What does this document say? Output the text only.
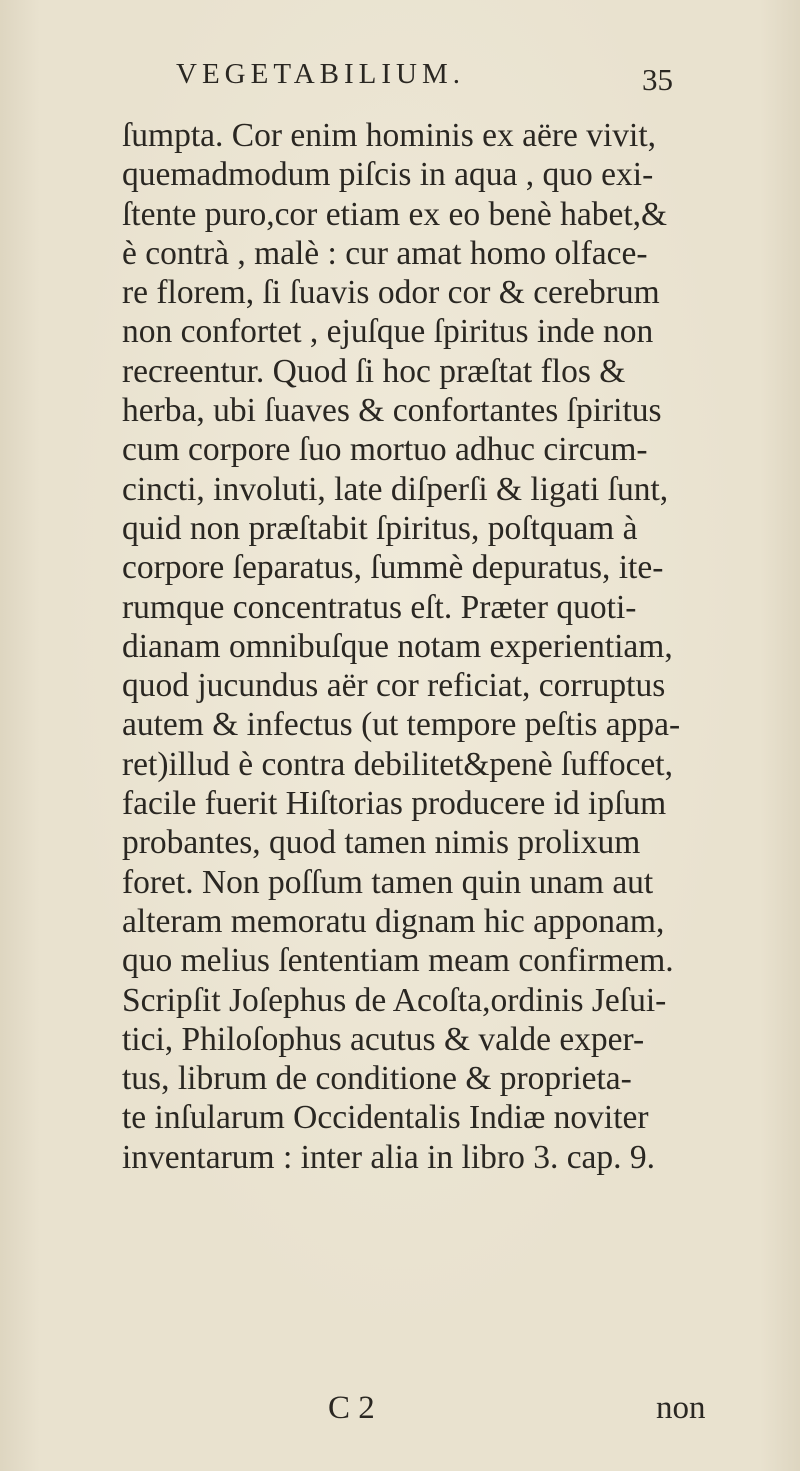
VEGETABILIUM.	35
ſumpta. Cor enim hominis ex aëre vivit,
quemadmodum piſcis in aqua , quo exi-
ſtente puro,cor etiam ex eo benè habet,&
è contrà , malè : cur amat homo olface-
re florem, ſi ſuavis odor cor & cerebrum
non confortet , ejuſque ſpiritus inde non
recreentur. Quod ſi hoc præſtat flos &
herba, ubi ſuaves & confortantes ſpiritus
cum corpore ſuo mortuo adhuc circum-
cincti, involuti, late diſperſi & ligati ſunt,
quid non præſtabit ſpiritus, poſtquam à
corpore ſeparatus, ſummè depuratus, ite-
rumque concentratus eſt. Præter quoti-
dianam omnibuſque notam experientiam,
quod jucundus aër cor reficiat, corruptus
autem & infectus (ut tempore peſtis appa-
ret)illud è contra debilitet&penè ſuffocet,
facile fuerit Hiſtorias producere id ipſum
probantes, quod tamen nimis prolixum
foret. Non poſſum tamen quin unam aut
alteram memoratu dignam hic apponam,
quo melius ſententiam meam confirmem.
Scripſit Joſephus de Acoſta,ordinis Jeſui-
tici, Philoſophus acutus & valde exper-
tus, librum de conditione & proprieta-
te inſularum Occidentalis Indiæ noviter
inventarum : inter alia in libro 3. cap. 9.
C 2	non
